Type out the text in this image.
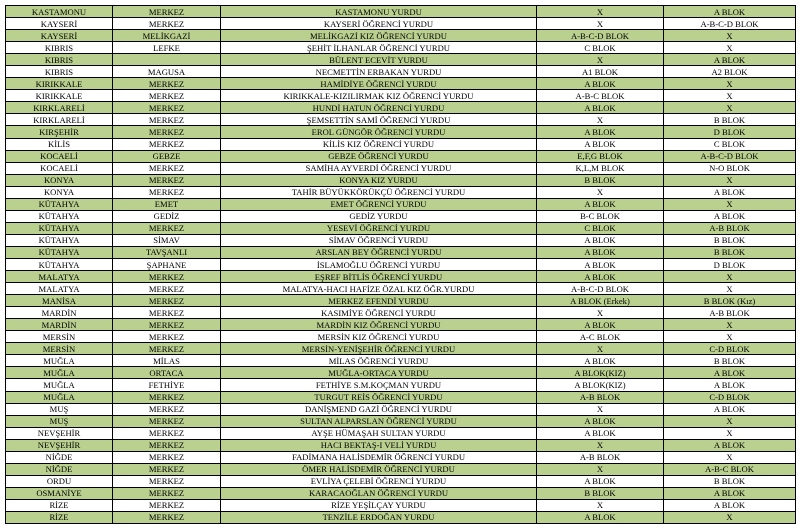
KASTAMONU	MERKEZ	KASTAMONU YURDU	X	A BLOK
KAYSERİ	MERKEZ	KAYSERİ ÖĞRENCİ YURDU	X	A-B-C-D BLOK
KAYSERİ	MELİKGAZİ	MELİKGAZİ KIZ ÖĞRENCİ YURDU	A-B-C-D BLOK	X
KIBRIS	LEFKE	ŞEHİT İLHANLAR ÖĞRENCİ YURDU	C BLOK	X
KIBRIS		BÜLENT ECEVİT YURDU	X	A BLOK
KIBRIS	MAGUSA	NECMETTİN ERBAKAN YURDU	A1 BLOK	A2 BLOK
KIRIKKALE	MERKEZ	HAMİDİYE ÖĞRENCİ YURDU	A BLOK	X
KIRIKKALE	MERKEZ	KIRIKKALE-KIZILIRMAK KIZ ÖĞRENCİ YURDU	A-B-C BLOK	X
KIRKLARELİ	MERKEZ	HUNDİ HATUN ÖĞRENCİ YURDU	A BLOK	X
KIRKLARELİ	MERKEZ	ŞEMSETTİN SAMİ ÖĞRENCİ YURDU	X	B BLOK
KIRŞEHİR	MERKEZ	EROL GÜNGÖR ÖĞRENCİ YURDU	A BLOK	D BLOK
KİLİS	MERKEZ	KİLİS KIZ ÖĞRENCİ YURDU	A BLOK	C BLOK
KOCAELİ	GEBZE	GEBZE ÖĞRENCİ YURDU	E,F,G BLOK	A-B-C-D BLOK
KOCAELİ	MERKEZ	SAMİHA AYVERDİ ÖĞRENCİ YURDU	K,L,M BLOK	N-O BLOK
KONYA	MERKEZ	KONYA KIZ YURDU	B BLOK	X
KONYA	MERKEZ	TAHİR BÜYÜKKÖRÜKÇÜ ÖĞRENCİ YURDU	X	A BLOK
KÜTAHYA	EMET	EMET ÖĞRENCİ YURDU	A BLOK	X
KÜTAHYA	GEDİZ	GEDİZ YURDU	B-C BLOK	A BLOK
KÜTAHYA	MERKEZ	YESEVİ ÖĞRENCİ YURDU	C BLOK	A-B BLOK
KÜTAHYA	SİMAV	SİMAV ÖĞRENCİ YURDU	A BLOK	B BLOK
KÜTAHYA	TAVŞANLI	ARSLAN BEY ÖĞRENCİ YURDU	A BLOK	B BLOK
KÜTAHYA	ŞAPHANE	İSLAMOĞLU ÖĞRENCİ YURDU	A BLOK	D BLOK
MALATYA	MERKEZ	EŞREF BİTLİS ÖĞRENCİ YURDU	A BLOK	X
MALATYA	MERKEZ	MALATYA-HACI HAFİZE ÖZAL KIZ ÖĞR.YURDU	A-B-C-D BLOK	X
MANİSA	MERKEZ	MERKEZ EFENDİ YURDU	A BLOK (Erkek)	B BLOK (Kız)
MARDİN	MERKEZ	KASIMİYE ÖĞRENCİ YURDU	X	A-B BLOK
MARDİN	MERKEZ	MARDİN KIZ ÖĞRENCİ YURDU	A BLOK	X
MERSİN	MERKEZ	MERSİN KIZ ÖĞRENCİ YURDU	A-C BLOK	X
MERSİN	MERKEZ	MERSİN-YENİŞEHİR ÖĞRENCİ YURDU	X	C-D BLOK
MUĞLA	MİLAS	MİLAS ÖĞRENCİ YURDU	A BLOK	B BLOK
MUĞLA	ORTACA	MUĞLA-ORTACA YURDU	A BLOK(KIZ)	A BLOK
MUĞLA	FETHİYE	FETHİYE S.M.KOÇMAN YURDU	A BLOK(KIZ)	A BLOK
MUĞLA	MERKEZ	TURGUT REİS ÖĞRENCİ YURDU	A-B BLOK	C-D BLOK
MUŞ	MERKEZ	DANİŞMEND GAZİ ÖĞRENCİ YURDU	X	A BLOK
MUŞ	MERKEZ	SULTAN ALPARSLAN ÖĞRENCİ YURDU	A BLOK	X
NEVŞEHİR	MERKEZ	AYŞE HÜMAŞAH SULTAN YURDU	A BLOK	X
NEVŞEHİR	MERKEZ	HACI BEKTAŞ-I VELİ YURDU	X	A BLOK
NİĞDE	MERKEZ	FADİMANA HALİSDEMİR ÖĞRENCİ YURDU	A-B BLOK	X
NİĞDE	MERKEZ	ÖMER HALİSDEMİR ÖĞRENCİ YURDU	X	A-B-C BLOK
ORDU	MERKEZ	EVLİYA ÇELEBİ ÖĞRENCİ YURDU	A BLOK	B BLOK
OSMANİYE	MERKEZ	KARACAOĞLAN ÖĞRENCİ YURDU	B BLOK	A BLOK
RİZE	MERKEZ	RİZE YEŞİLÇAY YURDU	X	A BLOK
RİZE	MERKEZ	TENZİLE ERDOĞAN YURDU	A BLOK	X
